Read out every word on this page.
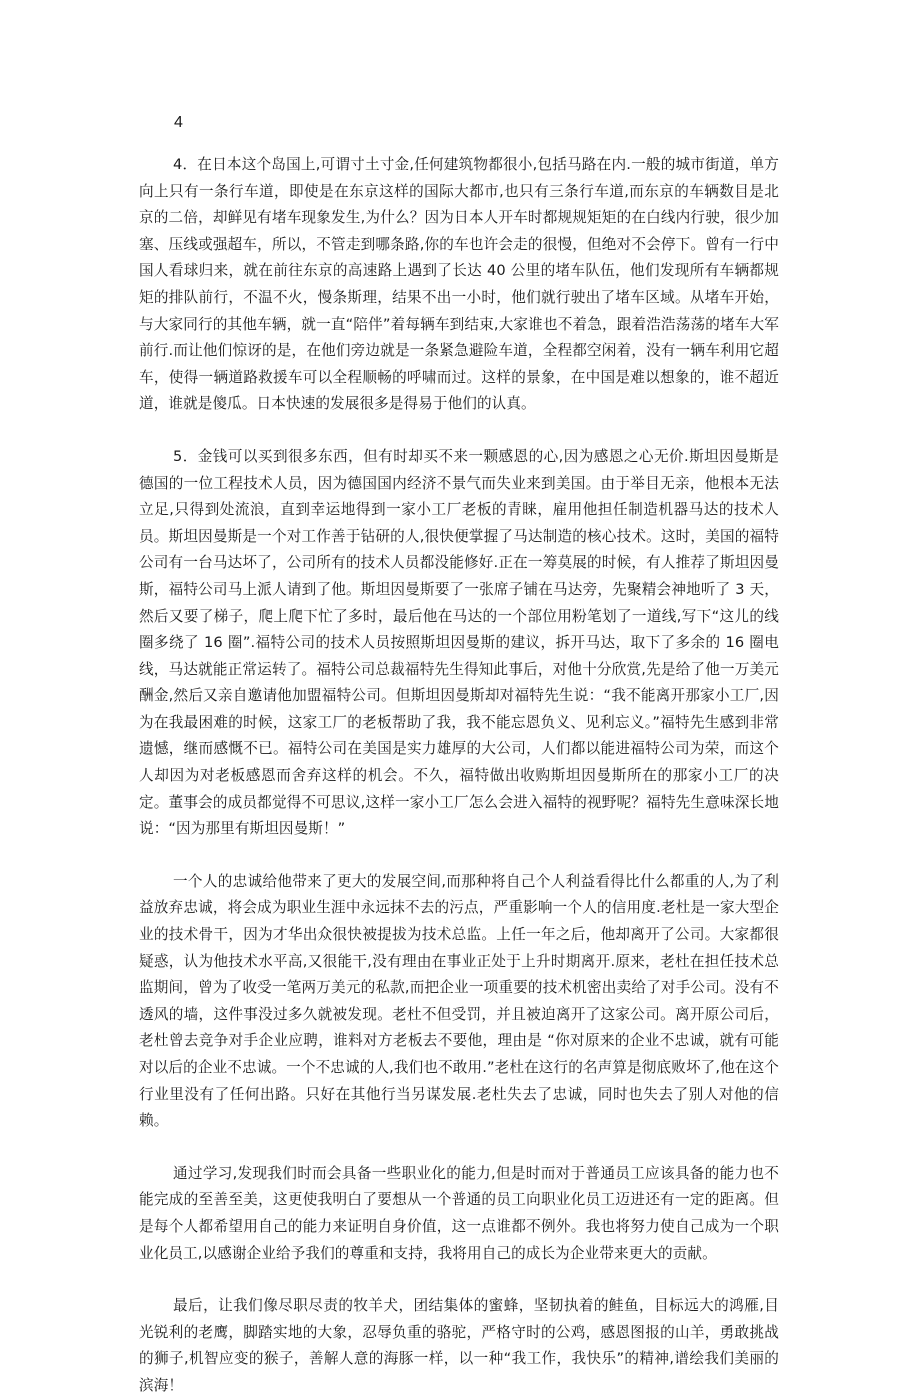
4

4．在日本这个岛国上,可谓寸土寸金,任何建筑物都很小,包括马路在内.一般的城市街道，单方向上只有一条行车道，即使是在东京这样的国际大都市,也只有三条行车道,而东京的车辆数目是北京的二倍，却鲜见有堵车现象发生,为什么？因为日本人开车时都规规矩矩的在白线内行驶，很少加塞、压线或强超车，所以，不管走到哪条路,你的车也许会走的很慢，但绝对不会停下。曾有一行中国人看球归来，就在前往东京的高速路上遇到了长达 40 公里的堵车队伍，他们发现所有车辆都规矩的排队前行，不温不火，慢条斯理，结果不出一小时，他们就行驶出了堵车区域。从堵车开始，与大家同行的其他车辆，就一直“陪伴”着每辆车到结束,大家谁也不着急，跟着浩浩荡荡的堵车大军前行.而让他们惊讶的是，在他们旁边就是一条紧急避险车道，全程都空闲着，没有一辆车利用它超车，使得一辆道路救援车可以全程顺畅的呼啸而过。这样的景象，在中国是难以想象的，谁不超近道，谁就是傻瓜。日本快速的发展很多是得易于他们的认真。

5．金钱可以买到很多东西，但有时却买不来一颗感恩的心,因为感恩之心无价.斯坦因曼斯是德国的一位工程技术人员，因为德国国内经济不景气而失业来到美国。由于举目无亲，他根本无法立足,只得到处流浪，直到幸运地得到一家小工厂老板的青睐，雇用他担任制造机器马达的技术人员。斯坦因曼斯是一个对工作善于钻研的人,很快便掌握了马达制造的核心技术。这时，美国的福特公司有一台马达坏了，公司所有的技术人员都没能修好.正在一筹莫展的时候，有人推荐了斯坦因曼斯，福特公司马上派人请到了他。斯坦因曼斯要了一张席子铺在马达旁，先聚精会神地听了 3 天，然后又要了梯子，爬上爬下忙了多时，最后他在马达的一个部位用粉笔划了一道线,写下“这儿的线圈多绕了 16 圈”.福特公司的技术人员按照斯坦因曼斯的建议，拆开马达，取下了多余的 16 圈电线，马达就能正常运转了。福特公司总裁福特先生得知此事后，对他十分欣赏,先是给了他一万美元酬金,然后又亲自邀请他加盟福特公司。但斯坦因曼斯却对福特先生说：“我不能离开那家小工厂,因为在我最困难的时候，这家工厂的老板帮助了我，我不能忘恩负义、见利忘义。”福特先生感到非常遗憾，继而感慨不已。福特公司在美国是实力雄厚的大公司，人们都以能进福特公司为荣，而这个人却因为对老板感恩而舍弃这样的机会。不久，福特做出收购斯坦因曼斯所在的那家小工厂的决定。董事会的成员都觉得不可思议,这样一家小工厂怎么会进入福特的视野呢？福特先生意味深长地说：“因为那里有斯坦因曼斯！”

一个人的忠诚给他带来了更大的发展空间,而那种将自己个人利益看得比什么都重的人,为了利益放弃忠诚，将会成为职业生涯中永远抹不去的污点，严重影响一个人的信用度.老杜是一家大型企业的技术骨干，因为才华出众很快被提拔为技术总监。上任一年之后，他却离开了公司。大家都很疑惑，认为他技术水平高,又很能干,没有理由在事业正处于上升时期离开.原来，老杜在担任技术总监期间，曾为了收受一笔两万美元的私款,而把企业一项重要的技术机密出卖给了对手公司。没有不透风的墙，这件事没过多久就被发现。老杜不但受罚，并且被迫离开了这家公司。离开原公司后，老杜曾去竞争对手企业应聘，谁料对方老板去不要他，理由是 “你对原来的企业不忠诚，就有可能对以后的企业不忠诚。一个不忠诚的人,我们也不敢用.”老杜在这行的名声算是彻底败坏了,他在这个行业里没有了任何出路。只好在其他行当另谋发展.老杜失去了忠诚，同时也失去了别人对他的信赖。

通过学习,发现我们时而会具备一些职业化的能力,但是时而对于普通员工应该具备的能力也不能完成的至善至美，这更使我明白了要想从一个普通的员工向职业化员工迈进还有一定的距离。但是每个人都希望用自己的能力来证明自身价值，这一点谁都不例外。我也将努力使自己成为一个职业化员工,以感谢企业给予我们的尊重和支持，我将用自己的成长为企业带来更大的贡献。

最后，让我们像尽职尽责的牧羊犬，团结集体的蜜蜂，坚韧执着的鲑鱼，目标远大的鸿雁,目光锐利的老鹰，脚踏实地的大象，忍辱负重的骆驼，严格守时的公鸡，感恩图报的山羊，勇敢挑战的狮子,机智应变的猴子，善解人意的海豚一样，以一种“我工作，我快乐”的精神,谱绘我们美丽的滨海！
